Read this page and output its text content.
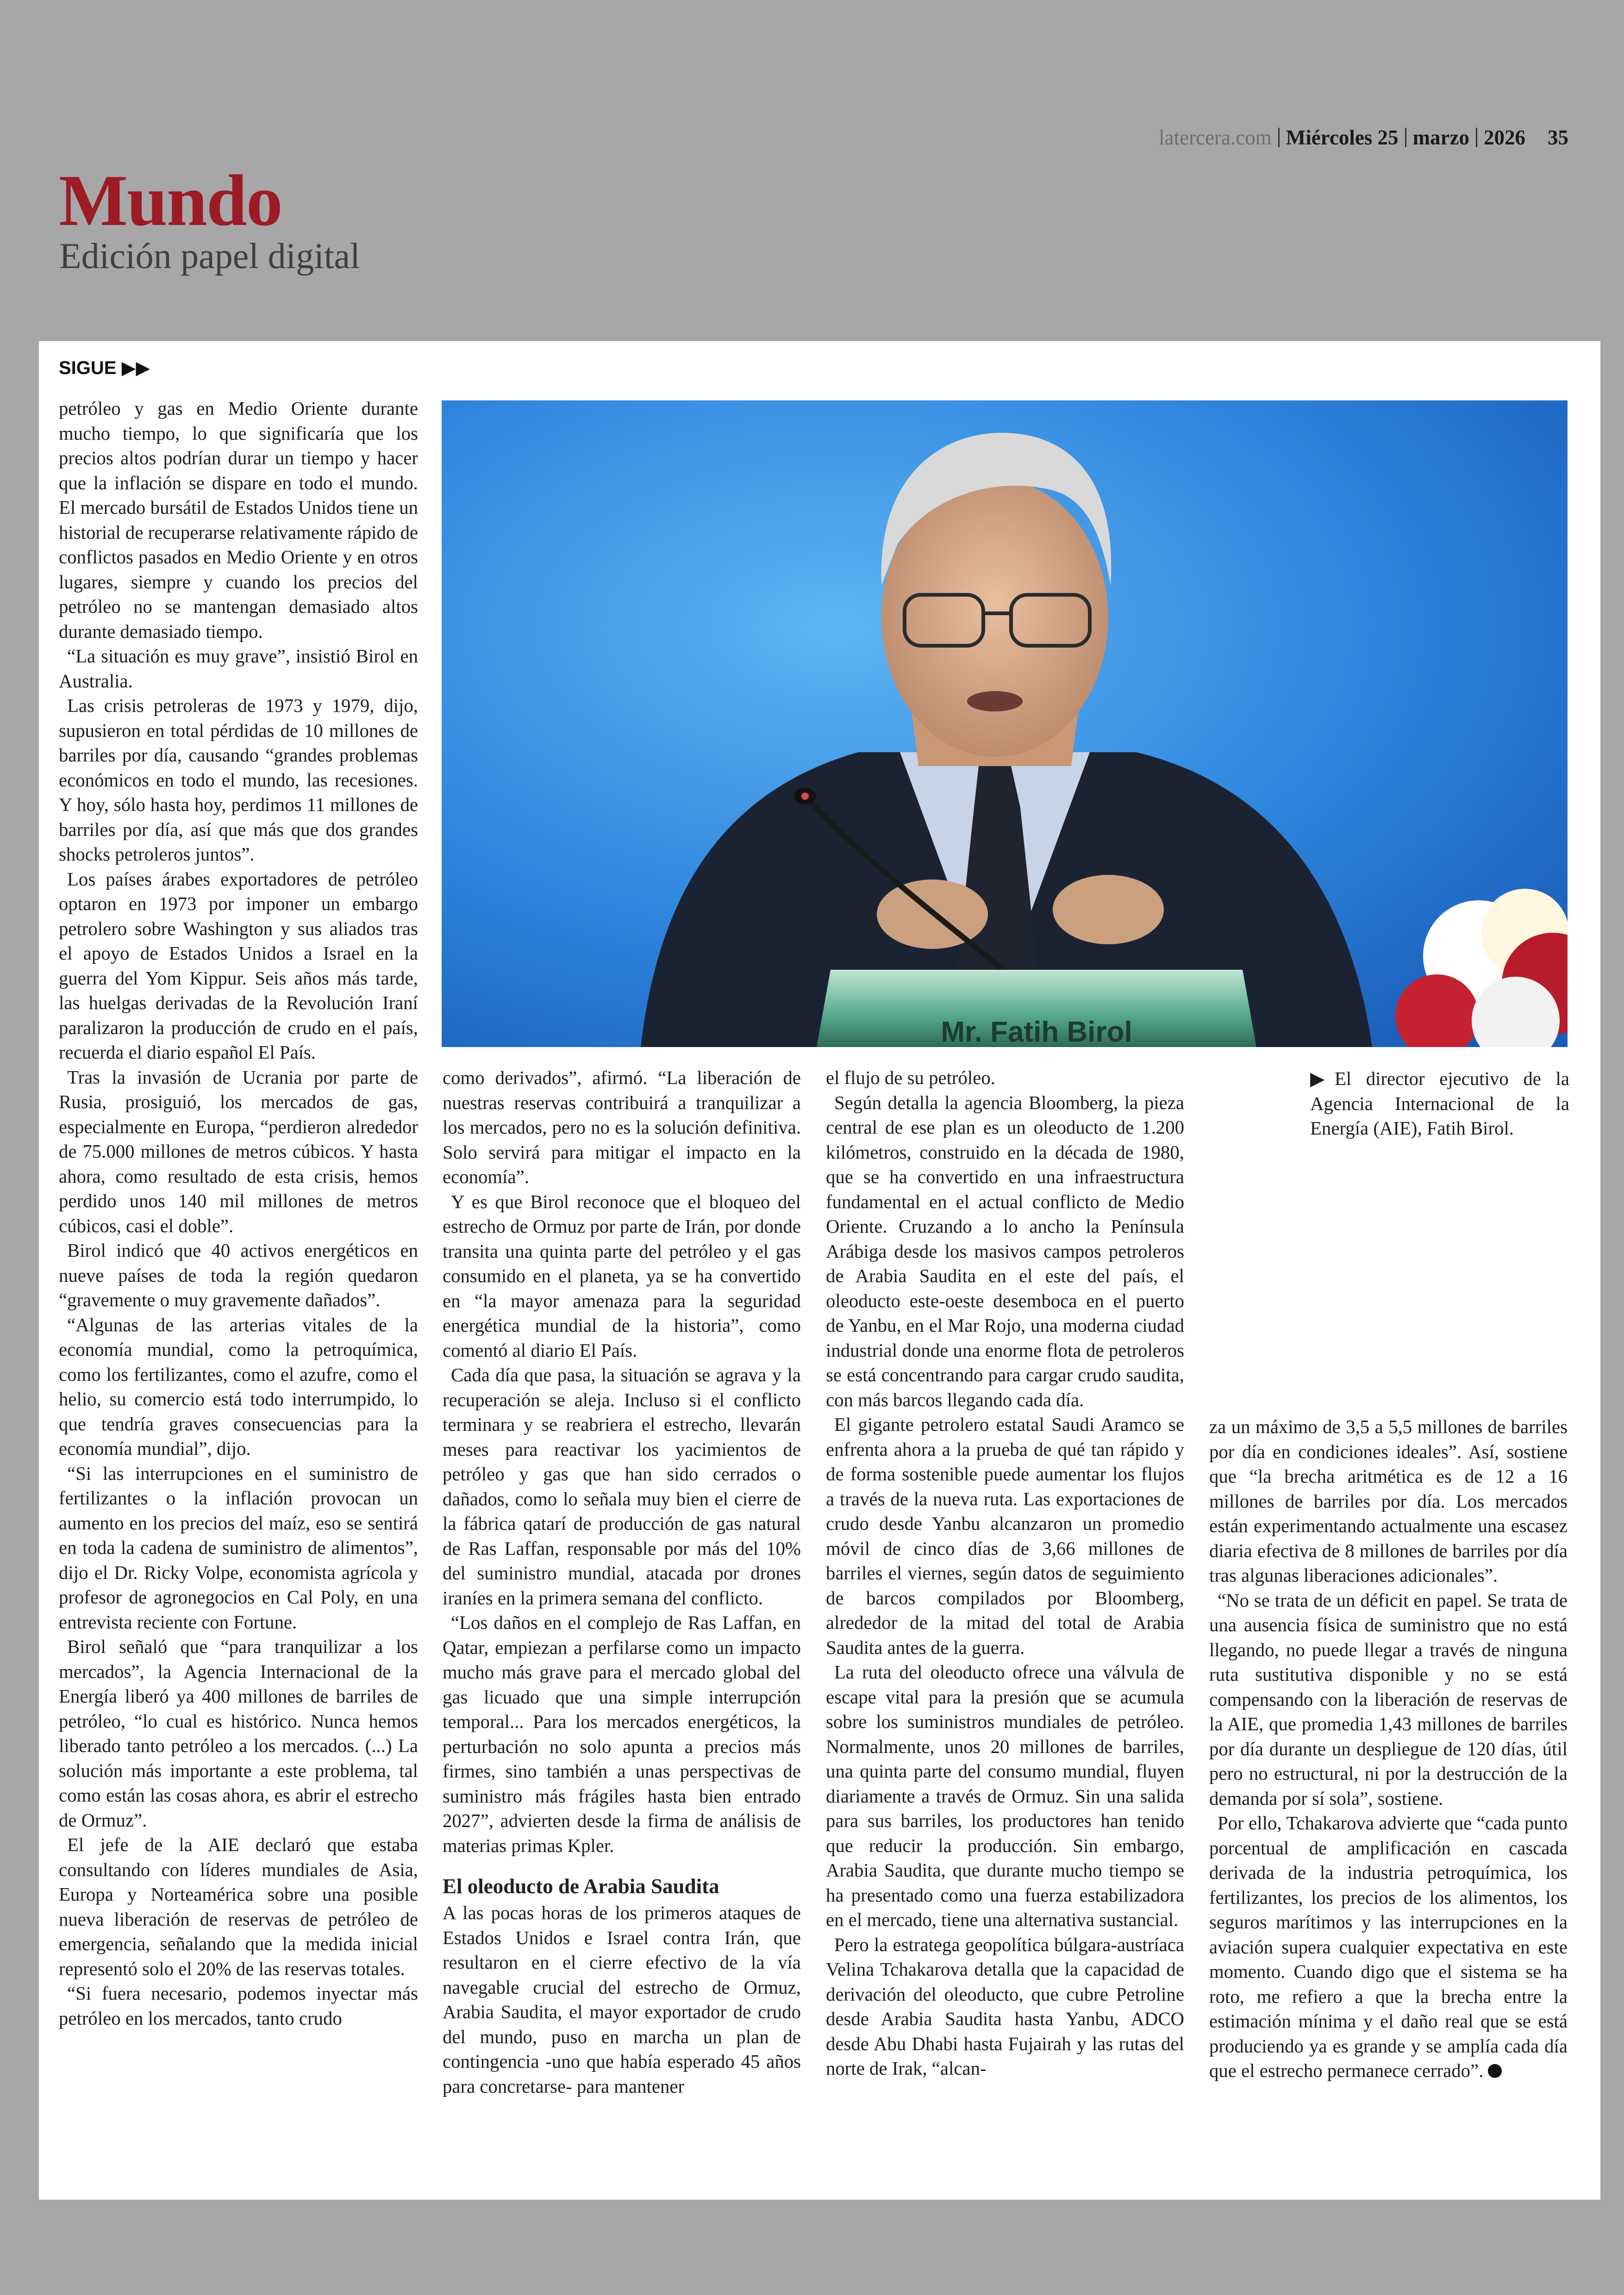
latercera.com Miércoles 25 marzo 2026 35
Mundo
Edición papel digital
SIGUE ▶▶

petróleo y gas en Medio Oriente durante mucho tiempo, lo que significaría que los precios altos podrían durar un tiempo y hacer que la inflación se dispare en todo el mundo. El mercado bursátil de Estados Unidos tiene un historial de recuperarse relativamente rápido de conflictos pasados en Medio Oriente y en otros lugares, siempre y cuando los precios del petróleo no se mantengan demasiado altos durante demasiado tiempo.

“La situación es muy grave”, insistió Birol en Australia.

Las crisis petroleras de 1973 y 1979, dijo, supusieron en total pérdidas de 10 millones de barriles por día, causando “grandes problemas económicos en todo el mundo, las recesiones. Y hoy, sólo hasta hoy, perdimos 11 millones de barriles por día, así que más que dos grandes shocks petroleros juntos”.

Los países árabes exportadores de petróleo optaron en 1973 por imponer un embargo petrolero sobre Washington y sus aliados tras el apoyo de Estados Unidos a Israel en la guerra del Yom Kippur. Seis años más tarde, las huelgas derivadas de la Revolución Iraní paralizaron la producción de crudo en el país, recuerda el diario español El País.

Tras la invasión de Ucrania por parte de Rusia, prosiguió, los mercados de gas, especialmente en Europa, “perdieron alrededor de 75.000 millones de metros cúbicos. Y hasta ahora, como resultado de esta crisis, hemos perdido unos 140 mil millones de metros cúbicos, casi el doble”.

Birol indicó que 40 activos energéticos en nueve países de toda la región quedaron “gravemente o muy gravemente dañados”.

“Algunas de las arterias vitales de la economía mundial, como la petroquímica, como los fertilizantes, como el azufre, como el helio, su comercio está todo interrumpido, lo que tendría graves consecuencias para la economía mundial”, dijo.

“Si las interrupciones en el suministro de fertilizantes o la inflación provocan un aumento en los precios del maíz, eso se sentirá en toda la cadena de suministro de alimentos”, dijo el Dr. Ricky Volpe, economista agrícola y profesor de agronegocios en Cal Poly, en una entrevista reciente con Fortune.

Birol señaló que “para tranquilizar a los mercados”, la Agencia Internacional de la Energía liberó ya 400 millones de barriles de petróleo, “lo cual es histórico. Nunca hemos liberado tanto petróleo a los mercados. (...) La solución más importante a este problema, tal como están las cosas ahora, es abrir el estrecho de Ormuz”.

El jefe de la AIE declaró que estaba consultando con líderes mundiales de Asia, Europa y Norteamérica sobre una posible nueva liberación de reservas de petróleo de emergencia, señalando que la medida inicial representó solo el 20% de las reservas totales.

“Si fuera necesario, podemos inyectar más petróleo en los mercados, tanto crudo

Mr. Fatih Birol

como derivados”, afirmó. “La liberación de nuestras reservas contribuirá a tranquilizar a los mercados, pero no es la solución definitiva. Solo servirá para mitigar el impacto en la economía”.

Y es que Birol reconoce que el bloqueo del estrecho de Ormuz por parte de Irán, por donde transita una quinta parte del petróleo y el gas consumido en el planeta, ya se ha convertido en “la mayor amenaza para la seguridad energética mundial de la historia”, como comentó al diario El País.

Cada día que pasa, la situación se agrava y la recuperación se aleja. Incluso si el conflicto terminara y se reabriera el estrecho, llevarán meses para reactivar los yacimientos de petróleo y gas que han sido cerrados o dañados, como lo señala muy bien el cierre de la fábrica qatarí de producción de gas natural de Ras Laffan, responsable por más del 10% del suministro mundial, atacada por drones iraníes en la primera semana del conflicto.

“Los daños en el complejo de Ras Laffan, en Qatar, empiezan a perfilarse como un impacto mucho más grave para el mercado global del gas licuado que una simple interrupción temporal... Para los mercados energéticos, la perturbación no solo apunta a precios más firmes, sino también a unas perspectivas de suministro más frágiles hasta bien entrado 2027”, advierten desde la firma de análisis de materias primas Kpler.

El oleoducto de Arabia Saudita

A las pocas horas de los primeros ataques de Estados Unidos e Israel contra Irán, que resultaron en el cierre efectivo de la vía navegable crucial del estrecho de Ormuz, Arabia Saudita, el mayor exportador de crudo del mundo, puso en marcha un plan de contingencia -uno que había esperado 45 años para concretarse- para mantener

el flujo de su petróleo.

Según detalla la agencia Bloomberg, la pieza central de ese plan es un oleoducto de 1.200 kilómetros, construido en la década de 1980, que se ha convertido en una infraestructura fundamental en el actual conflicto de Medio Oriente. Cruzando a lo ancho la Península Arábiga desde los masivos campos petroleros de Arabia Saudita en el este del país, el oleoducto este-oeste desemboca en el puerto de Yanbu, en el Mar Rojo, una moderna ciudad industrial donde una enorme flota de petroleros se está concentrando para cargar crudo saudita, con más barcos llegando cada día.

El gigante petrolero estatal Saudi Aramco se enfrenta ahora a la prueba de qué tan rápido y de forma sostenible puede aumentar los flujos a través de la nueva ruta. Las exportaciones de crudo desde Yanbu alcanzaron un promedio móvil de cinco días de 3,66 millones de barriles el viernes, según datos de seguimiento de barcos compilados por Bloomberg, alrededor de la mitad del total de Arabia Saudita antes de la guerra.

La ruta del oleoducto ofrece una válvula de escape vital para la presión que se acumula sobre los suministros mundiales de petróleo. Normalmente, unos 20 millones de barriles, una quinta parte del consumo mundial, fluyen diariamente a través de Ormuz. Sin una salida para sus barriles, los productores han tenido que reducir la producción. Sin embargo, Arabia Saudita, que durante mucho tiempo se ha presentado como una fuerza estabilizadora en el mercado, tiene una alternativa sustancial.

Pero la estratega geopolítica búlgara-austríaca Velina Tchakarova detalla que la capacidad de derivación del oleoducto, que cubre Petroline desde Arabia Saudita hasta Yanbu, ADCO desde Abu Dhabi hasta Fujairah y las rutas del norte de Irak, “alcan-

▶El director ejecutivo de la Agencia Internacional de la Energía (AIE), Fatih Birol.

za un máximo de 3,5 a 5,5 millones de barriles por día en condiciones ideales”. Así, sostiene que “la brecha aritmética es de 12 a 16 millones de barriles por día. Los mercados están experimentando actualmente una escasez diaria efectiva de 8 millones de barriles por día tras algunas liberaciones adicionales”.

“No se trata de un déficit en papel. Se trata de una ausencia física de suministro que no está llegando, no puede llegar a través de ninguna ruta sustitutiva disponible y no se está compensando con la liberación de reservas de la AIE, que promedia 1,43 millones de barriles por día durante un despliegue de 120 días, útil pero no estructural, ni por la destrucción de la demanda por sí sola”, sostiene.

Por ello, Tchakarova advierte que “cada punto porcentual de amplificación en cascada derivada de la industria petroquímica, los fertilizantes, los precios de los alimentos, los seguros marítimos y las interrupciones en la aviación supera cualquier expectativa en este momento. Cuando digo que el sistema se ha roto, me refiero a que la brecha entre la estimación mínima y el daño real que se está produciendo ya es grande y se amplía cada día que el estrecho permanece cerrado”.
